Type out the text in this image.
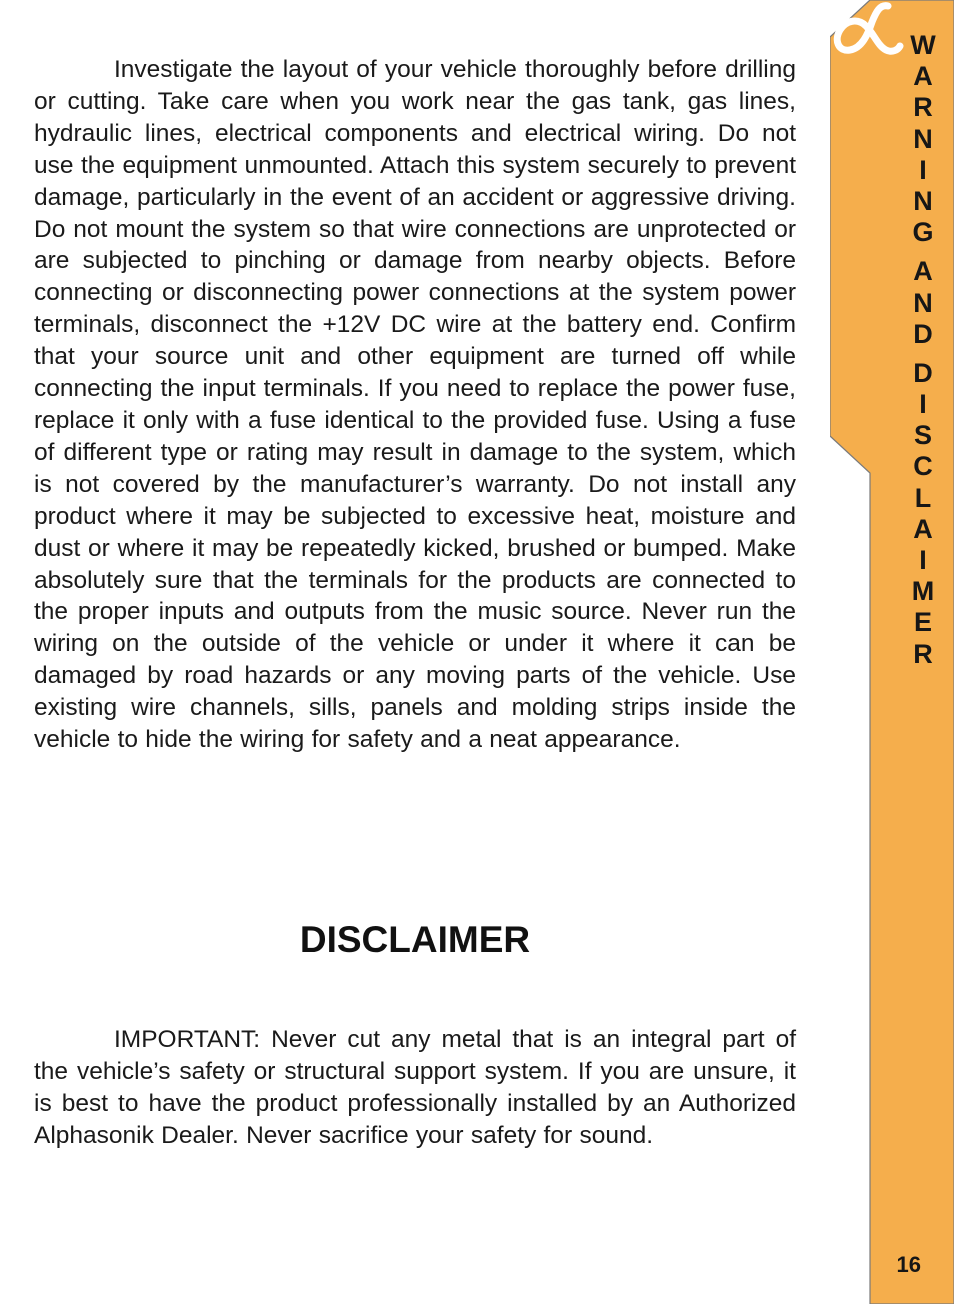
Investigate the layout of your vehicle thoroughly before drilling or cutting. Take care when you work near the gas tank, gas lines, hydraulic lines, electrical components and electrical wiring. Do not use the equipment unmounted. Attach this system securely to prevent damage, particularly in the event of an accident or aggressive driving. Do not mount the system so that wire connections are unprotected or are subjected to pinching or damage from nearby objects. Before connecting or disconnecting power connections at the system power terminals, disconnect the +12V DC wire at the battery end. Confirm that your source unit and other equipment are turned off while connecting the input terminals. If you need to replace the power fuse, replace it only with a fuse identical to the provided fuse. Using a fuse of different type or rating may result in damage to the system, which is not covered by the manufacturer’s warranty. Do not install any product where it may be subjected to excessive heat, moisture and dust or where it may be repeatedly kicked, brushed or bumped. Make absolutely sure that the terminals for the products are connected to the proper inputs and outputs from the music source. Never run the wiring on the outside of the vehicle or under it where it can be damaged by road hazards or any moving parts of the vehicle. Use existing wire channels, sills, panels and molding strips inside the vehicle to hide the wiring for safety and a neat appearance.

DISCLAIMER

IMPORTANT: Never cut any metal that is an integral part of the vehicle’s safety or structural support system. If you are unsure, it is best to have the product professionally installed by an Authorized Alphasonik Dealer. Never sacrifice your safety for sound.

W
A
R
N
I
N
G
A
N
D
D
I
S
C
L
A
I
M
E
R
16
